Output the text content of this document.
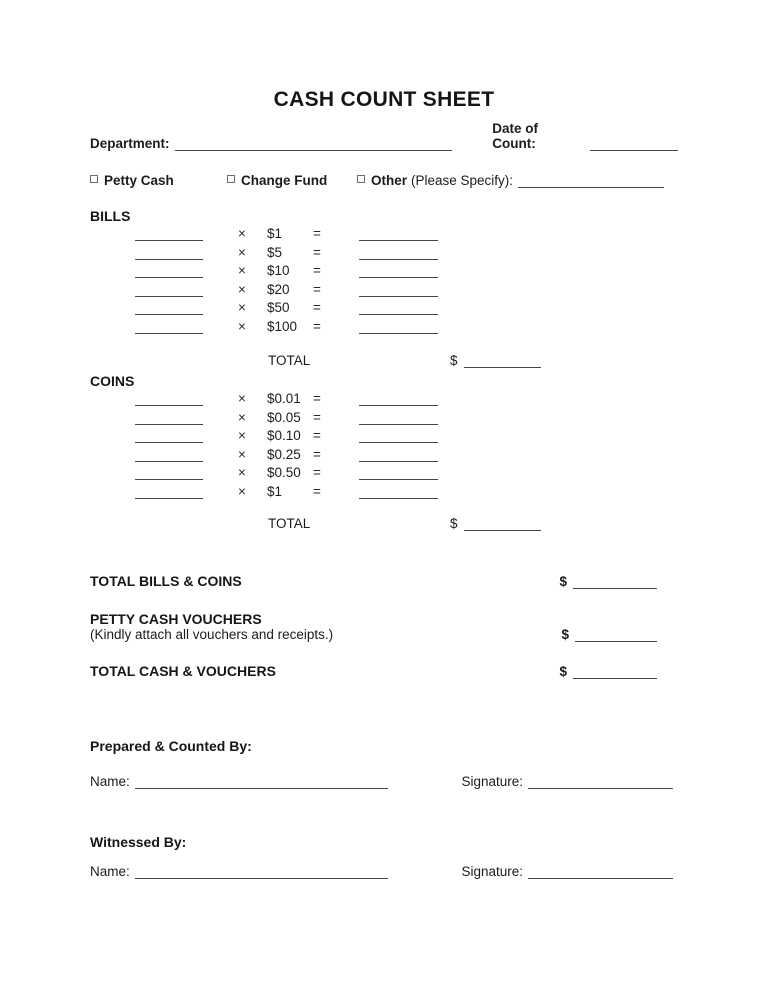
CASH COUNT SHEET
Department:
Date of Count:
Petty Cash	Change Fund	Other (Please Specify):
BILLS
× $1	=
× $5	=
× $10	=
× $20	=
× $50	=
× $100	=
TOTAL	$
COINS
× $0.01 =
× $0.05 =
× $0.10 =
× $0.25 =
× $0.50 =
× $1	=
TOTAL	$
TOTAL BILLS & COINS	$
PETTY CASH VOUCHERS
(Kindly attach all vouchers and receipts.)	$
TOTAL CASH & VOUCHERS	$
Prepared & Counted By:
Name:	Signature:
Witnessed By:
Name:	Signature:
